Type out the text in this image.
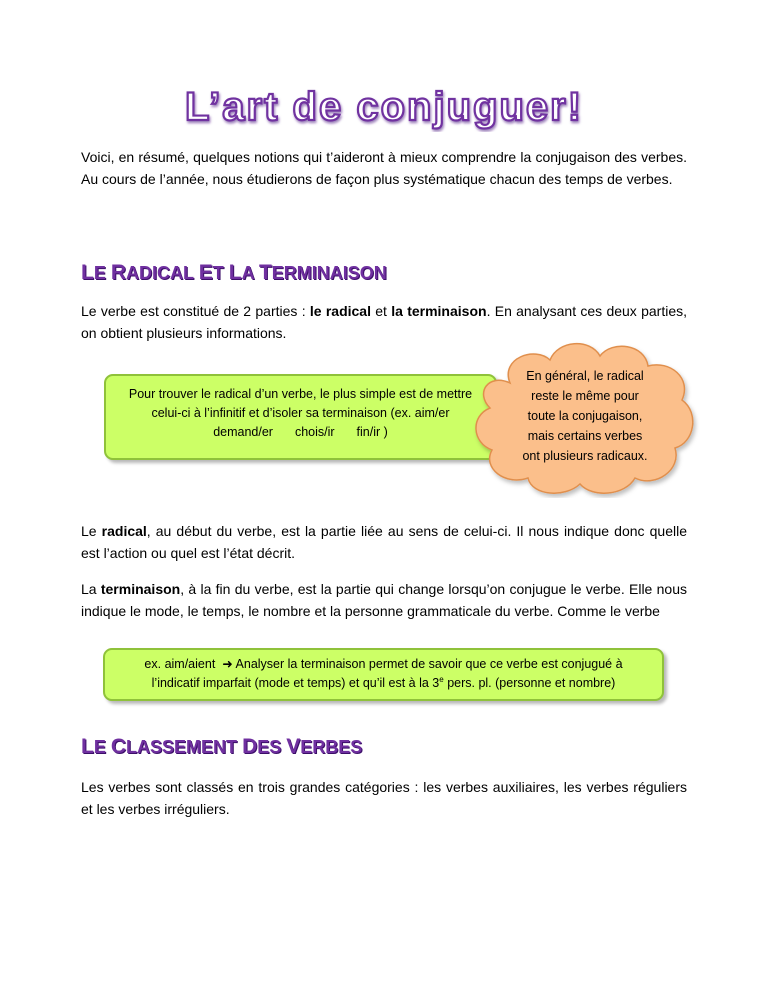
L’art de conjuguer!

Voici, en résumé, quelques notions qui t’aideront à mieux comprendre la conjugaison des verbes. Au cours de l’année, nous étudierons de façon plus systématique chacun des temps de verbes.

LE RADICAL ET LA TERMINAISON

Le verbe est constitué de 2 parties : le radical et la terminaison. En analysant ces deux parties, on obtient plusieurs informations.

Pour trouver le radical d’un verbe, le plus simple est de mettre
celui-ci à l’infinitif et d’isoler sa terminaison (ex. aim/er
demand/er chois/ir fin/ir )
En général, le radical
reste le même pour
toute la conjugaison,
mais certains verbes
ont plusieurs radicaux.

Le radical, au début du verbe, est la partie liée au sens de celui-ci. Il nous indique donc quelle est l’action ou quel est l’état décrit.

La terminaison, à la fin du verbe, est la partie qui change lorsqu’on conjugue le verbe. Elle nous indique le mode, le temps, le nombre et la personne grammaticale du verbe. Comme le verbe

ex. aim/aient ➜ Analyser la terminaison permet de savoir que ce verbe est conjugué à
l’indicatif imparfait (mode et temps) et qu’il est à la 3e pers. pl. (personne et nombre)
LE CLASSEMENT DES VERBES

Les verbes sont classés en trois grandes catégories : les verbes auxiliaires, les verbes réguliers et les verbes irréguliers.
